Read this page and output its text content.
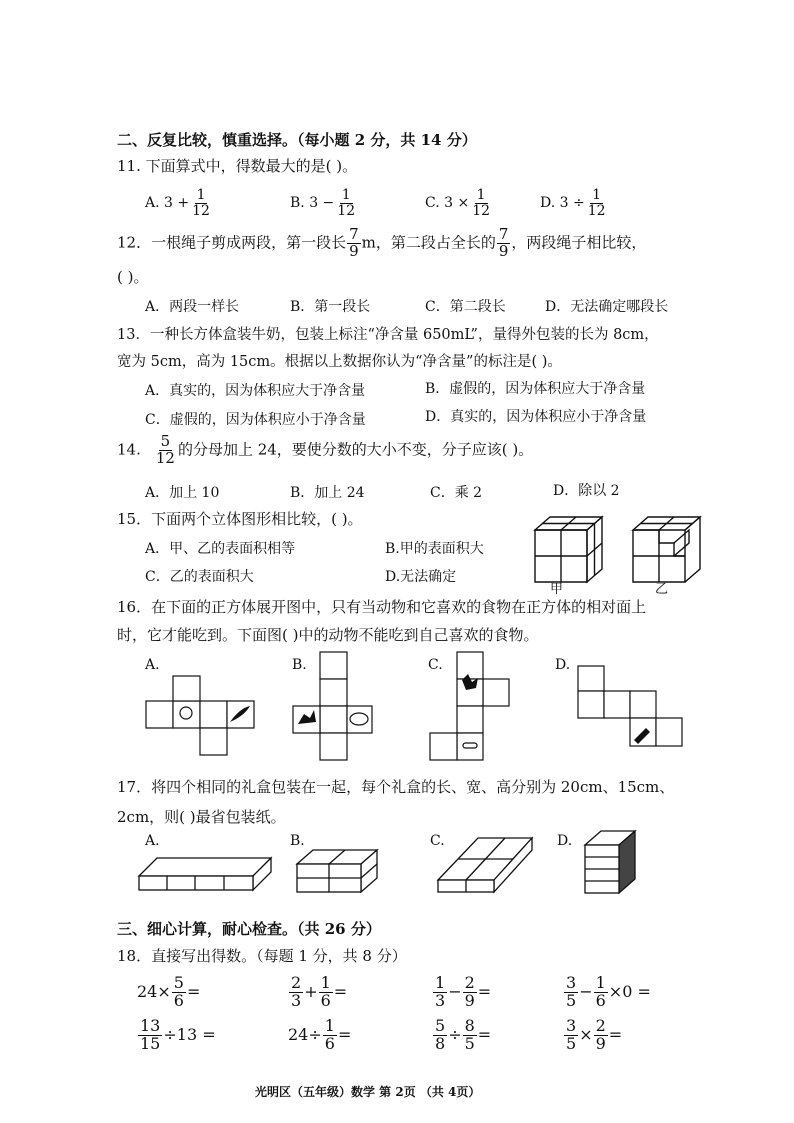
二、反复比较，慎重选择。（每小题 2 分，共 14 分）
11. 下面算式中，得数最大的是( )。
A. $3 + \frac{1}{12}$	B. $3 - \frac{1}{12}$	C. $3 \times \frac{1}{12}$	D. $3 \div \frac{1}{12}$
12．一根绳子剪成两段，第一段长 $\frac{7}{9}$ m，第二段占全长的 $\frac{7}{9}$ ，两段绳子相比较，
( )。
A．两段一样长	B．第一段长	C．第二段长	D．无法确定哪段长
13．一种长方体盒装牛奶，包装上标注“净含量 650mL”，量得外包装的长为 8cm，
宽为 5cm，高为 15cm。根据以上数据你认为“净含量”的标注是( )。
A．真实的，因为体积应大于净含量	B．虚假的，因为体积应大于净含量
C．虚假的，因为体积应小于净含量	D．真实的，因为体积应小于净含量
14. $\frac{5}{12}$ 的分母加上 24，要使分数的大小不变，分子应该( )。
A．加上 10	B．加上 24	C．乘 2	D．除以 2
15．下面两个立体图形相比较，( )。
A．甲、乙的表面积相等	B.甲的表面积大
C．乙的表面积大	D.无法确定
甲	乙
16．在下面的正方体展开图中，只有当动物和它喜欢的食物在正方体的相对面上
时，它才能吃到。下面图( )中的动物不能吃到自己喜欢的食物。
A.	B.	C.	D.
17．将四个相同的礼盒包装在一起，每个礼盒的长、宽、高分别为 20cm、15cm、
2cm，则( )最省包装纸。
A.	B.	C.	D.
三、细心计算，耐心检查。（共 26 分）
18．直接写出得数。（每题 1 分，共 8 分）
$24\times \frac{5}{6}$ =	$\frac{2}{3} + \frac{1}{6}$ =	$\frac{1}{3} - \frac{2}{9}$ =	$\frac{3}{5} - \frac{1}{6} \times 0$ =
$\frac{13}{15} \div 13$ =	$24\div \frac{1}{6}$ =	$\frac{5}{8} \div \frac{8}{5}$ =	$\frac{3}{5} \times \frac{2}{9}$ =
光明区（五年级）数学 第 2页 （共 4页）
